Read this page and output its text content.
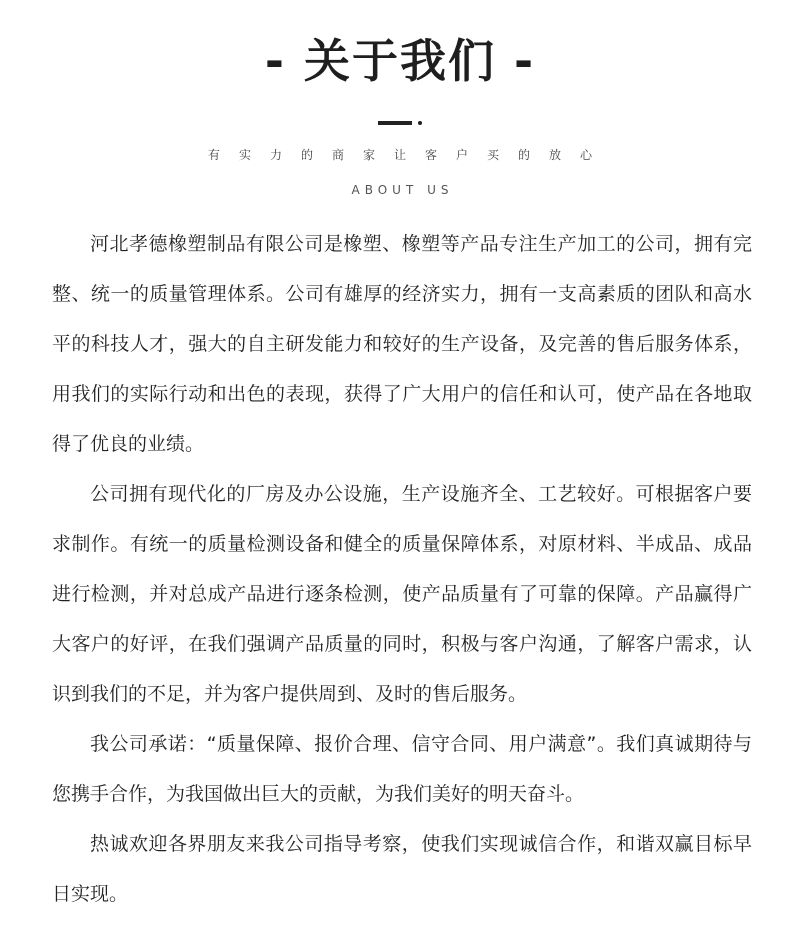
- 关于我们 -
有实力的商家让客户买的放心
ABOUT US

河北孝德橡塑制品有限公司是橡塑、橡塑等产品专注生产加工的公司，拥有完整、统一的质量管理体系。公司有雄厚的经济实力，拥有一支高素质的团队和高水平的科技人才，强大的自主研发能力和较好的生产设备，及完善的售后服务体系，用我们的实际行动和出色的表现，获得了广大用户的信任和认可，使产品在各地取得了优良的业绩。

公司拥有现代化的厂房及办公设施，生产设施齐全、工艺较好。可根据客户要求制作。有统一的质量检测设备和健全的质量保障体系，对原材料、半成品、成品进行检测，并对总成产品进行逐条检测，使产品质量有了可靠的保障。产品赢得广大客户的好评，在我们强调产品质量的同时，积极与客户沟通，了解客户需求，认识到我们的不足，并为客户提供周到、及时的售后服务。

我公司承诺：“质量保障、报价合理、信守合同、用户满意”。我们真诚期待与您携手合作，为我国做出巨大的贡献，为我们美好的明天奋斗。

热诚欢迎各界朋友来我公司指导考察，使我们实现诚信合作，和谐双赢目标早日实现。
